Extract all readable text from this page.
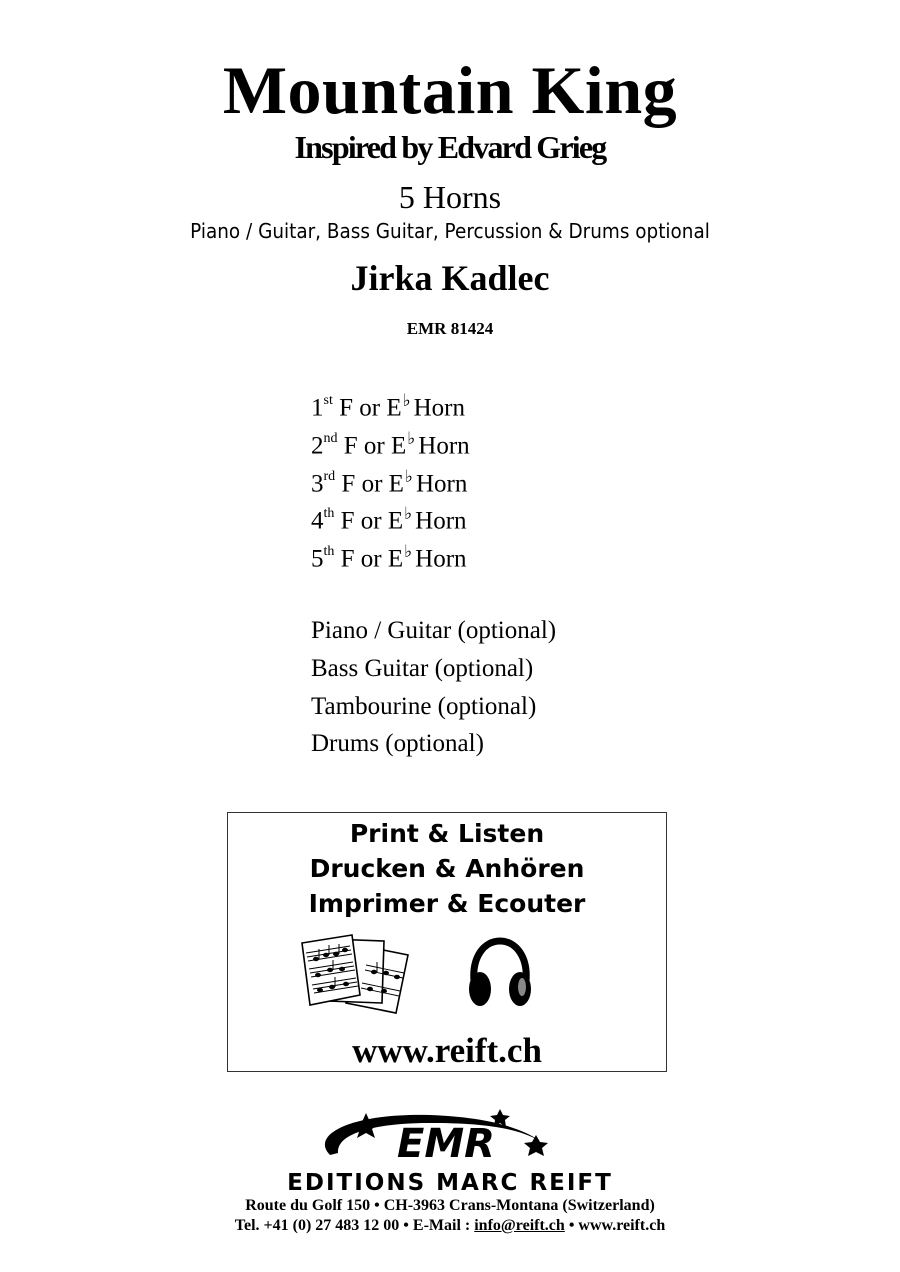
Mountain King
Inspired by Edvard Grieg
5 Horns
Piano / Guitar, Bass Guitar, Percussion & Drums optional
Jirka Kadlec
EMR 81424
1st F or E♭ Horn
2nd F or E♭ Horn
3rd F or E♭ Horn
4th F or E♭ Horn
5th F or E♭ Horn
Piano / Guitar (optional)
Bass Guitar (optional)
Tambourine (optional)
Drums (optional)
Print & Listen
Drucken & Anhören
Imprimer & Ecouter
www.reift.ch
EMR
EDITIONS MARC REIFT
Route du Golf 150 • CH-3963 Crans-Montana (Switzerland)
Tel. +41 (0) 27 483 12 00 • E-Mail : info@reift.ch • www.reift.ch
